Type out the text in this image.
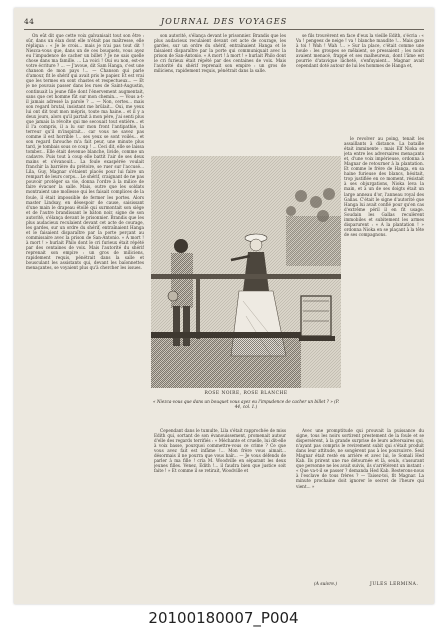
44	JOURNAL DES VOYAGES

On eût dit que cette voix galvanisait tout son être : sûr, dans un élan dont elle n'était pas maîtresse, elle répliqua : « Je le crois... mais je n'ai pas tout dit ! Niezca-vous que, dans un de ces bouquets, vous ayez eu l'impudence de cacher un billet ? Je ne sais quelle chose dans ma famille. ... La voici ! Oui ou non, est-ce votre écriture ? ... — J'avoue, dit Sam Hanga, c'est une chanson de mon pays !... — Chanson qui parle d'amour, fit le shérif qui avait pris le papier. Et est vrai que les termes en sont chastes et respectueux... — Et je ne pouvais passer dans les rues de Saint-Augustin, continuait la jeune fille dont l'énervement augmentait, sans que cet homme fût sur mon chemin... — Vous a-t-il jamais adressé la parole ? ... — Non, certes... mais son regard brutal, insistant me brûlait... Oui, me yeux lui ont dit tout mon mépris, toute ma haine... et il y a deux jours, alors qu'il partait à mon père, j'ai senti plus que jamais la révolte qui me secouait tout entière... et il l'a compris, il a lu sur mon front l'antipathie, la terreur qu'il m'inspirait... car vous ne savez pas comme il est horrible !... ses yeux se sont voilés... et son regard farouche m'a fait peur, une minute plus tard, je tombais sous ce coup ! ... Ceci dit, elle se laissa tomber... Elle était devenue blanche, livide, comme un cadavre. Puis tout à coup elle battit l'air de ses deux mains et s'évanouit... La foule exaspérée voulait franchir la barrière du prétoire, se ruer sur l'accusé... Lila, Guy, Magnar s'étaient placés pour lui faire un rempart de leurs corps... Le shérif, craignant de ne pas pouvoir protéger sa vie, donna l'ordre à la milice de faire évacuer la salle. Mais, outre que les soldats montraient une mollesse qui les faisait complices de la foule, il était impossible de fermer les portes. Alors master Lindsay, en désespoir de cause, saisissant d'une main le drapeau étoilé qui surmontait son siège et de l'autre brandissant le bâton noir, signe de son autorité, s'élança devant le prisonnier. Brandis que les plus audacieux reculaient devant cet acte de courage, les gardes, sur un ordre du shérif, entraînaient Hanga et le faisaient disparaître par la porte perçant au commissaire avec la prison de San-Antonio. « A mort ! à mort ! » hurlait Philo dont le cri furieux était répété par des centaines de voix. Mais l'autorité du shérif reprenait son empire : un gros de miliciens, rapidement requis, pénétrait dans la salle et bousculant les assistants qui, devant les baïonnettes menaçantes, se voyaient plus qu'à chercher les issues.

son autorité, s'élança devant le prisonnier. Brandis que les plus audacieux reculaient devant cet acte de courage, les gardes, sur un ordre du shérif, entraînaient Hanga et le faisaient disparaître par la porte qui communiquait avec la prison de San-Antonio. « A mort ! à mort ! » hurlait Philo dont le cri furieux était répété par des centaines de voix. Mais l'autorité du shérif reprenait son empire : un gros de miliciens, rapidement requis, pénétrait dans la salle.

se fils trouvèrent en face d'eux la vieille Edith, s'écria : « Va ! pengeez de neige ! va ! blanche maudite !... Mais gare à toi ! Wah ! Wah !... » Sur la place, c'était comme une houle : les groupes se mêlaient, se pressaient ; les noirs avaient menacé, frappé et ses malheureux, dont l'âme est pourrie d'atavique lâcheté, s'enfuyaient... Magnar avait cependant doté autour de lui les hommes de Hanga et,

le revolver au poing, tenait les assaillants à distance. La bataille était imminente : mais Elf Nioka se jeta entre les adversaires menaçants et, d'une voix impérieuse, ordonna à Magnar de retourner à la plantation. Et comme le frère de Hanga, en sa haine furieuse des blancs, hésitait, trop justifiée en ce moment, résistait à ses objurgations, Nioka leva la main, et à un de ses doigts était un large anneau d'or, l'anneau royal des Gallas. C'était le signe d'autorité que Hanga lui avait confié pour qu'en cas d'extrême péril il en fit usage. Soudain les Gallas reculèrent immobiles et subitement les armes disparurent : « A la plantation ! » ordonna Nioka en se plaçant à la tête de ses compagnons.

ROSE NOIRE, ROSE BLANCHE
« Niezca-vous que dans un bouquet vous ayez eu l'impudence de cacher un billet ? » (P. 44, col. 1.)

Cependant dans le tumulte, Lila s'était rapprochée de miss Edith qui, sortant de son évanouissement, promenait autour d'elle des regards terrifiés : « Méchante et cruelle, lui dit-elle à voix basse, pourquoi commettre-vous ce crime ? Ce que vous avez fait est infâme !... Mon frère vous aimait... désormais il ne pourra que vous haïr... — Je vous défends de parler à ma fille ! cria M. Woodville en séparant les deux jeunes filles. Venez, Edith !... il faudra bien que justice soit faite ! » Et comme il se retirait, Woodville et

Avec une promptitude qui prouvait la puissance du signe, tous les noirs sortirent prestement de la foule et se dispersèrent, à la grande surprise de leurs adversaires qui, n'ayant pas compris le revirement subit qui s'était produit dans leur attitude, ne songèrent pas à les poursuivre. Seul Magnar était resté en arrière et avec lui, le Somali Hed Kab. Ils prirent une rue détournée et là, seuls, s'assurant que personne ne les avait suivis, ils s'arrêtèrent un instant : « Que va-t-il se passer ? demanda Hed Kab. Resterons-nous à l'esclave de tous frères ? — Taisez-toi, fit Magnar. La minute prochaine doit ignorer le secret de l'heure qui vient... »

(A suivre.)	JULES LERMINA.
20100180007_P004
